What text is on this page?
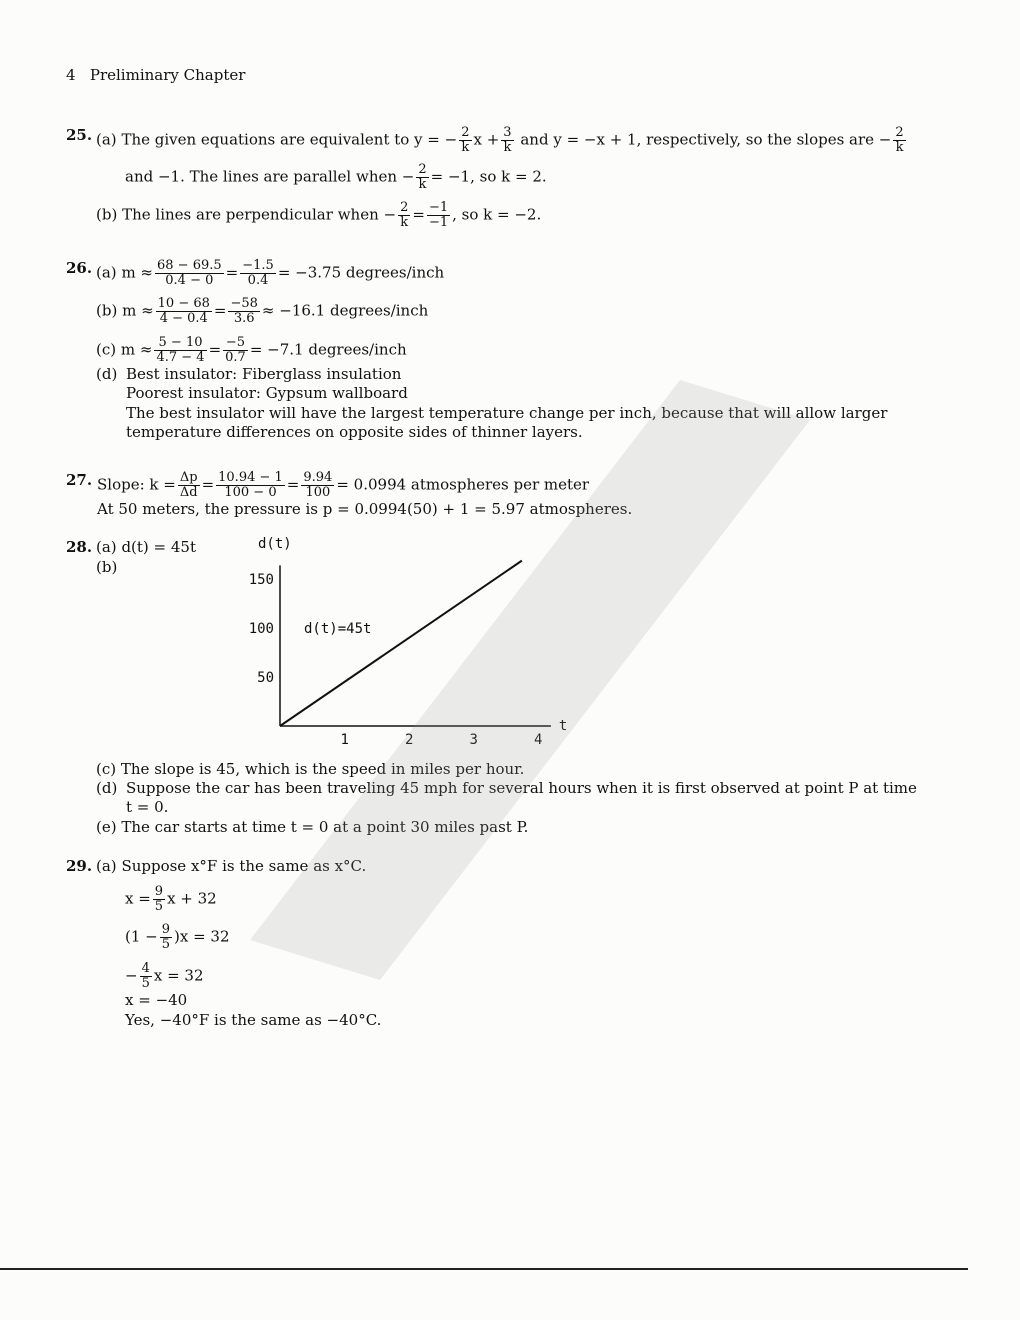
4 Preliminary Chapter
25. (a) The given equations are equivalent to y = − $\frac{2}{k}$ $x + \frac{3}{k}$ and y = −x + 1, respectively, so the slopes are − $\frac{2}{k}$
and −1. The lines are parallel when − $\frac{2}{k} = -1$, so k = 2.
(b) The lines are perpendicular when − $\frac{2}{k} = \frac{-1}{-1}$ , so k = −2.
26. (a) $m \approx \frac{68 - 69.5}{0.4 - 0} = \frac{-1.5}{0.4} = -3.75$ degrees/inch
(b) $m \approx \frac{10 - 68}{4 - 0.4} = \frac{-58}{3.6} \approx -16.1$ degrees/inch
(c) $m \approx \frac{5 - 10}{4.7 - 4} = \frac{-5}{0.7} = -7.1$ degrees/inch
(d) Best insulator: Fiberglass insulation
Poorest insulator: Gypsum wallboard
The best insulator will have the largest temperature change per inch, because that will allow larger
temperature differences on opposite sides of thinner layers.
27. Slope: $k = \frac{\Delta p}{\Delta d} = \frac{10.94 - 1}{100 - 0} = \frac{9.94}{100} = 0.0994$ atmospheres per meter
At 50 meters, the pressure is p = 0.0994(50) + 1 = 5.97 atmospheres.
28. (a) d(t) = 45t
(b)
d(t)
t
1	2	3	4
50
100
150
d(t)=45t
(c) The slope is 45, which is the speed in miles per hour.
(d) Suppose the car has been traveling 45 mph for several hours when it is first observed at point P at time
t = 0.
(e) The car starts at time t = 0 at a point 30 miles past P.
29. (a) Suppose x°F is the same as x°C.
$x = \frac{9}{5}$ x + 32
$(1 - \frac{9}{5} )x = 32$
− $\frac{4}{5}$ x = 32
x = −40
Yes, −40°F is the same as −40°C.
